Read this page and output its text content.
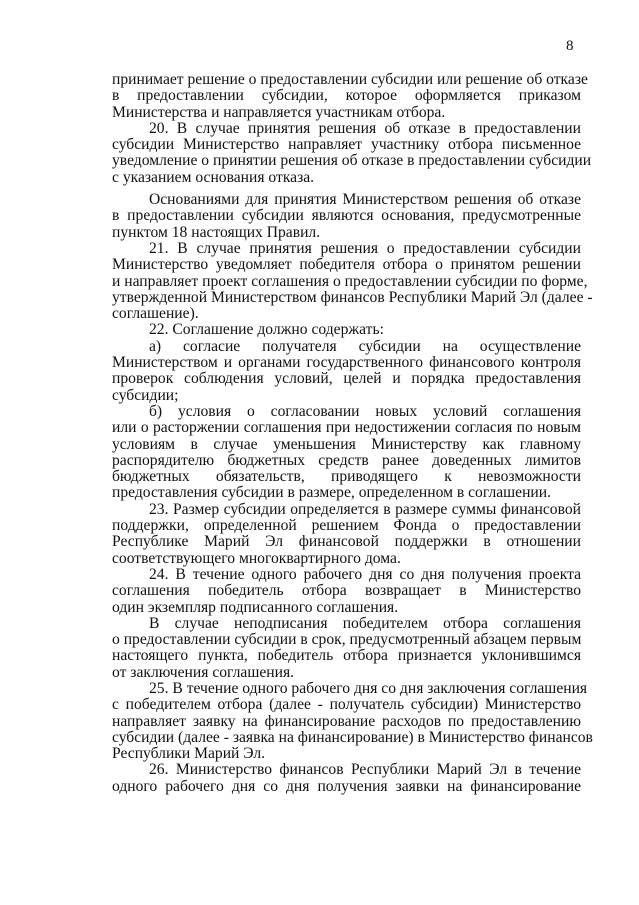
8
принимает решение о предоставлении субсидии или решение об отказе
в предоставлении субсидии, которое оформляется приказом
Министерства и направляется участникам отбора.
20. В случае принятия решения об отказе в предоставлении
субсидии Министерство направляет участнику отбора письменное
уведомление о принятии решения об отказе в предоставлении субсидии
с указанием основания отказа.
Основаниями для принятия Министерством решения об отказе
в предоставлении субсидии являются основания, предусмотренные
пунктом 18 настоящих Правил.
21. В случае принятия решения о предоставлении субсидии
Министерство уведомляет победителя отбора о принятом решении
и направляет проект соглашения о предоставлении субсидии по форме,
утвержденной Министерством финансов Республики Марий Эл (далее -
соглашение).
22. Соглашение должно содержать:
а) согласие получателя субсидии на осуществление
Министерством и органами государственного финансового контроля
проверок соблюдения условий, целей и порядка предоставления
субсидии;
б) условия о согласовании новых условий соглашения
или о расторжении соглашения при недостижении согласия по новым
условиям в случае уменьшения Министерству как главному
распорядителю бюджетных средств ранее доведенных лимитов
бюджетных обязательств, приводящего к невозможности
предоставления субсидии в размере, определенном в соглашении.
23. Размер субсидии определяется в размере суммы финансовой
поддержки, определенной решением Фонда о предоставлении
Республике Марий Эл финансовой поддержки в отношении
соответствующего многоквартирного дома.
24. В течение одного рабочего дня со дня получения проекта
соглашения победитель отбора возвращает в Министерство
один экземпляр подписанного соглашения.
В случае неподписания победителем отбора соглашения
о предоставлении субсидии в срок, предусмотренный абзацем первым
настоящего пункта, победитель отбора признается уклонившимся
от заключения соглашения.
25. В течение одного рабочего дня со дня заключения соглашения
с победителем отбора (далее - получатель субсидии) Министерство
направляет заявку на финансирование расходов по предоставлению
субсидии (далее - заявка на финансирование) в Министерство финансов
Республики Марий Эл.
26. Министерство финансов Республики Марий Эл в течение
одного рабочего дня со дня получения заявки на финансирование
